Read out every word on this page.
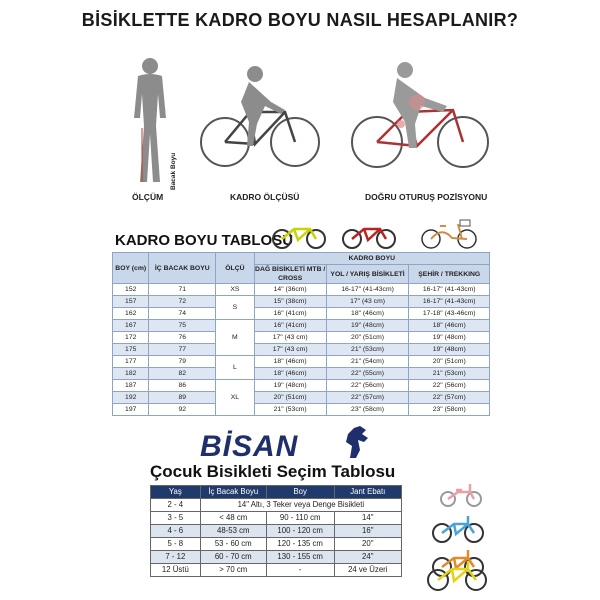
BİSİKLETTE KADRO BOYU NASIL HESAPLANIR?
Bacak Boyu
ÖLÇÜM	KADRO ÖLÇÜSÜ	DOĞRU OTURUŞ POZİSYONU
KADRO BOYU TABLOSU
BOY (cm)	İÇ BACAK BOYU	ÖLÇÜ	KADRO BOYU		
			DAĞ BİSİKLETİ MTB / CROSS	YOL / YARIŞ BİSİKLETİ	ŞEHİR / TREKKING
152	71	XS	14" (36cm)	16-17" (41-43cm)	16-17" (41-43cm)
157	72	S	15" (38cm)	17" (43 cm)	16-17" (41-43cm)
162	74		16" (41cm)	18" (46cm)	17-18" (43-46cm)
167	75	M	16" (41cm)	19" (48cm)	18" (46cm)
172	76		17" (43 cm)	20" (51cm)	19" (48cm)
175	77		17" (43 cm)	21" (53cm)	19" (48cm)
177	79	L	18" (46cm)	21" (54cm)	20" (51cm)
182	82		18" (46cm)	22" (55cm)	21" (53cm)
187	86	XL	19" (48cm)	22" (56cm)	22" (56cm)
192	89		20" (51cm)	22" (57cm)	22" (57cm)
197	92		21" (53cm)	23" (58cm)	23" (58cm)
BİSAN
Çocuk Bisikleti Seçim Tablosu
Yaş	İç Bacak Boyu	Boy	Jant Ebatı
2 - 4	14" Altı, 3 Teker veya Denge Bisikleti		
3 - 5	< 48 cm	90 - 110 cm	14"
4 - 6	48-53 cm	100 - 120 cm	16"
5 - 8	53 - 60 cm	120 - 135 cm	20"
7 - 12	60 - 70 cm	130 - 155 cm	24"
12 Üstü	> 70 cm	-	24 ve Üzeri
